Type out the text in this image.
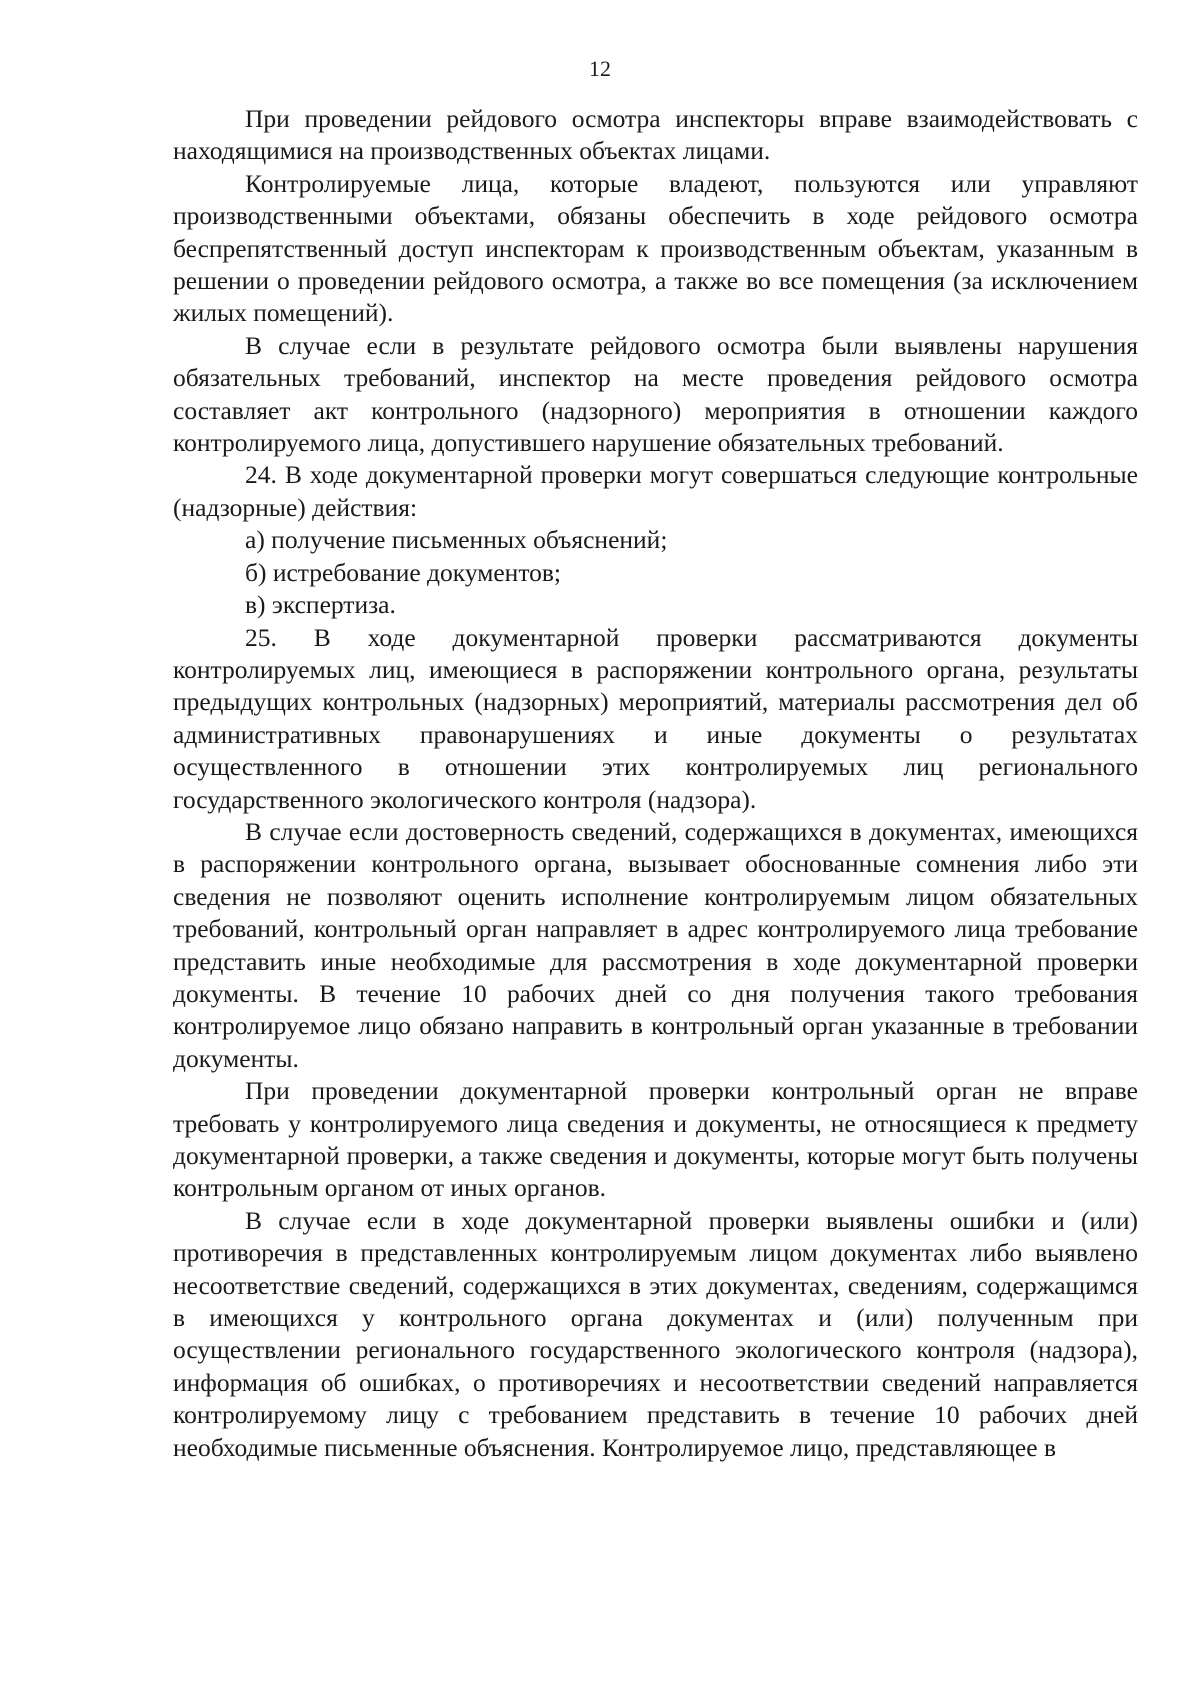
12

При проведении рейдового осмотра инспекторы вправе взаимодействовать с находящимися на производственных объектах лицами.

Контролируемые лица, которые владеют, пользуются или управляют производственными объектами, обязаны обеспечить в ходе рейдового осмотра беспрепятственный доступ инспекторам к производственным объектам, указанным в решении о проведении рейдового осмотра, а также во все помещения (за исключением жилых помещений).

В случае если в результате рейдового осмотра были выявлены нарушения обязательных требований, инспектор на месте проведения рейдового осмотра составляет акт контрольного (надзорного) мероприятия в отношении каждого контролируемого лица, допустившего нарушение обязательных требований.

24. В ходе документарной проверки могут совершаться следующие контрольные (надзорные) действия:

а) получение письменных объяснений;

б) истребование документов;

в) экспертиза.

25. В ходе документарной проверки рассматриваются документы контролируемых лиц, имеющиеся в распоряжении контрольного органа, результаты предыдущих контрольных (надзорных) мероприятий, материалы рассмотрения дел об административных правонарушениях и иные документы о результатах осуществленного в отношении этих контролируемых лиц регионального государственного экологического контроля (надзора).

В случае если достоверность сведений, содержащихся в документах, имеющихся в распоряжении контрольного органа, вызывает обоснованные сомнения либо эти сведения не позволяют оценить исполнение контролируемым лицом обязательных требований, контрольный орган направляет в адрес контролируемого лица требование представить иные необходимые для рассмотрения в ходе документарной проверки документы. В течение 10 рабочих дней со дня получения такого требования контролируемое лицо обязано направить в контрольный орган указанные в требовании документы.

При проведении документарной проверки контрольный орган не вправе требовать у контролируемого лица сведения и документы, не относящиеся к предмету документарной проверки, а также сведения и документы, которые могут быть получены контрольным органом от иных органов.

В случае если в ходе документарной проверки выявлены ошибки и (или) противоречия в представленных контролируемым лицом документах либо выявлено несоответствие сведений, содержащихся в этих документах, сведениям, содержащимся в имеющихся у контрольного органа документах и (или) полученным при осуществлении регионального государственного экологического контроля (надзора), информация об ошибках, о противоречиях и несоответствии сведений направляется контролируемому лицу с требованием представить в течение 10 рабочих дней необходимые письменные объяснения. Контролируемое лицо, представляющее в
